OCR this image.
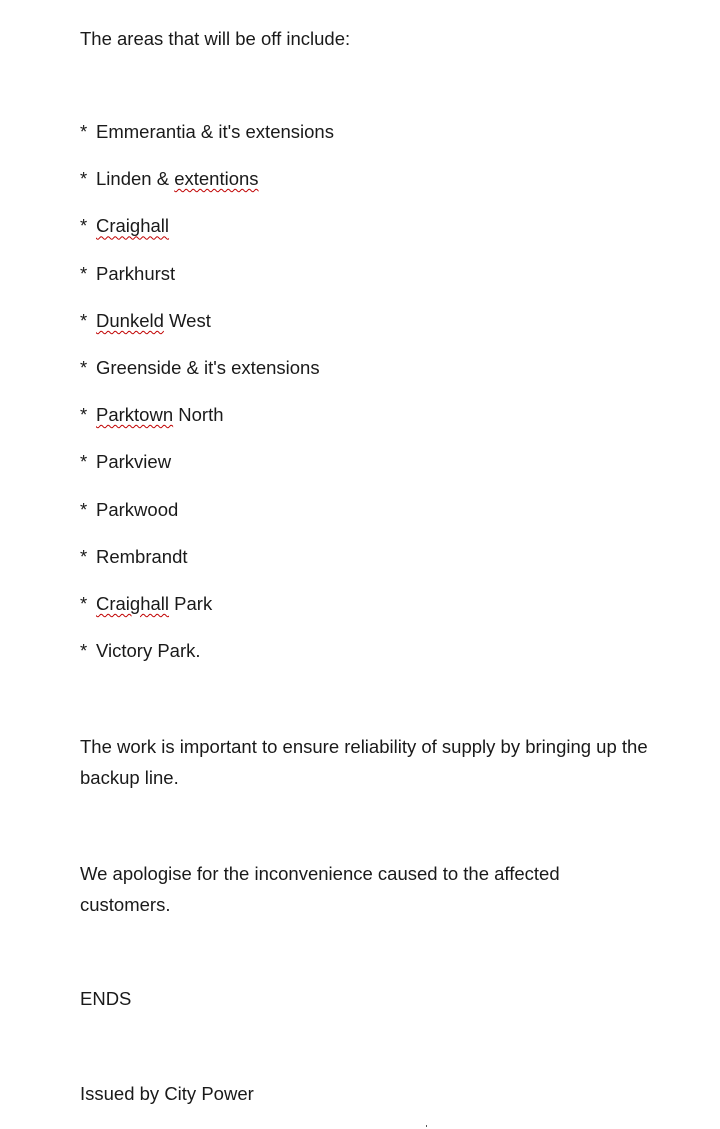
The areas that will be off include:
* Emmerantia & it's extensions
* Linden & extentions
* Craighall
* Parkhurst
* Dunkeld West
* Greenside & it's extensions
* Parktown North
* Parkview
* Parkwood
* Rembrandt
* Craighall Park
* Victory Park.

The work is important to ensure reliability of supply by bringing up the backup line.

We apologise for the inconvenience caused to the affected customers.

ENDS

Issued by City Power
